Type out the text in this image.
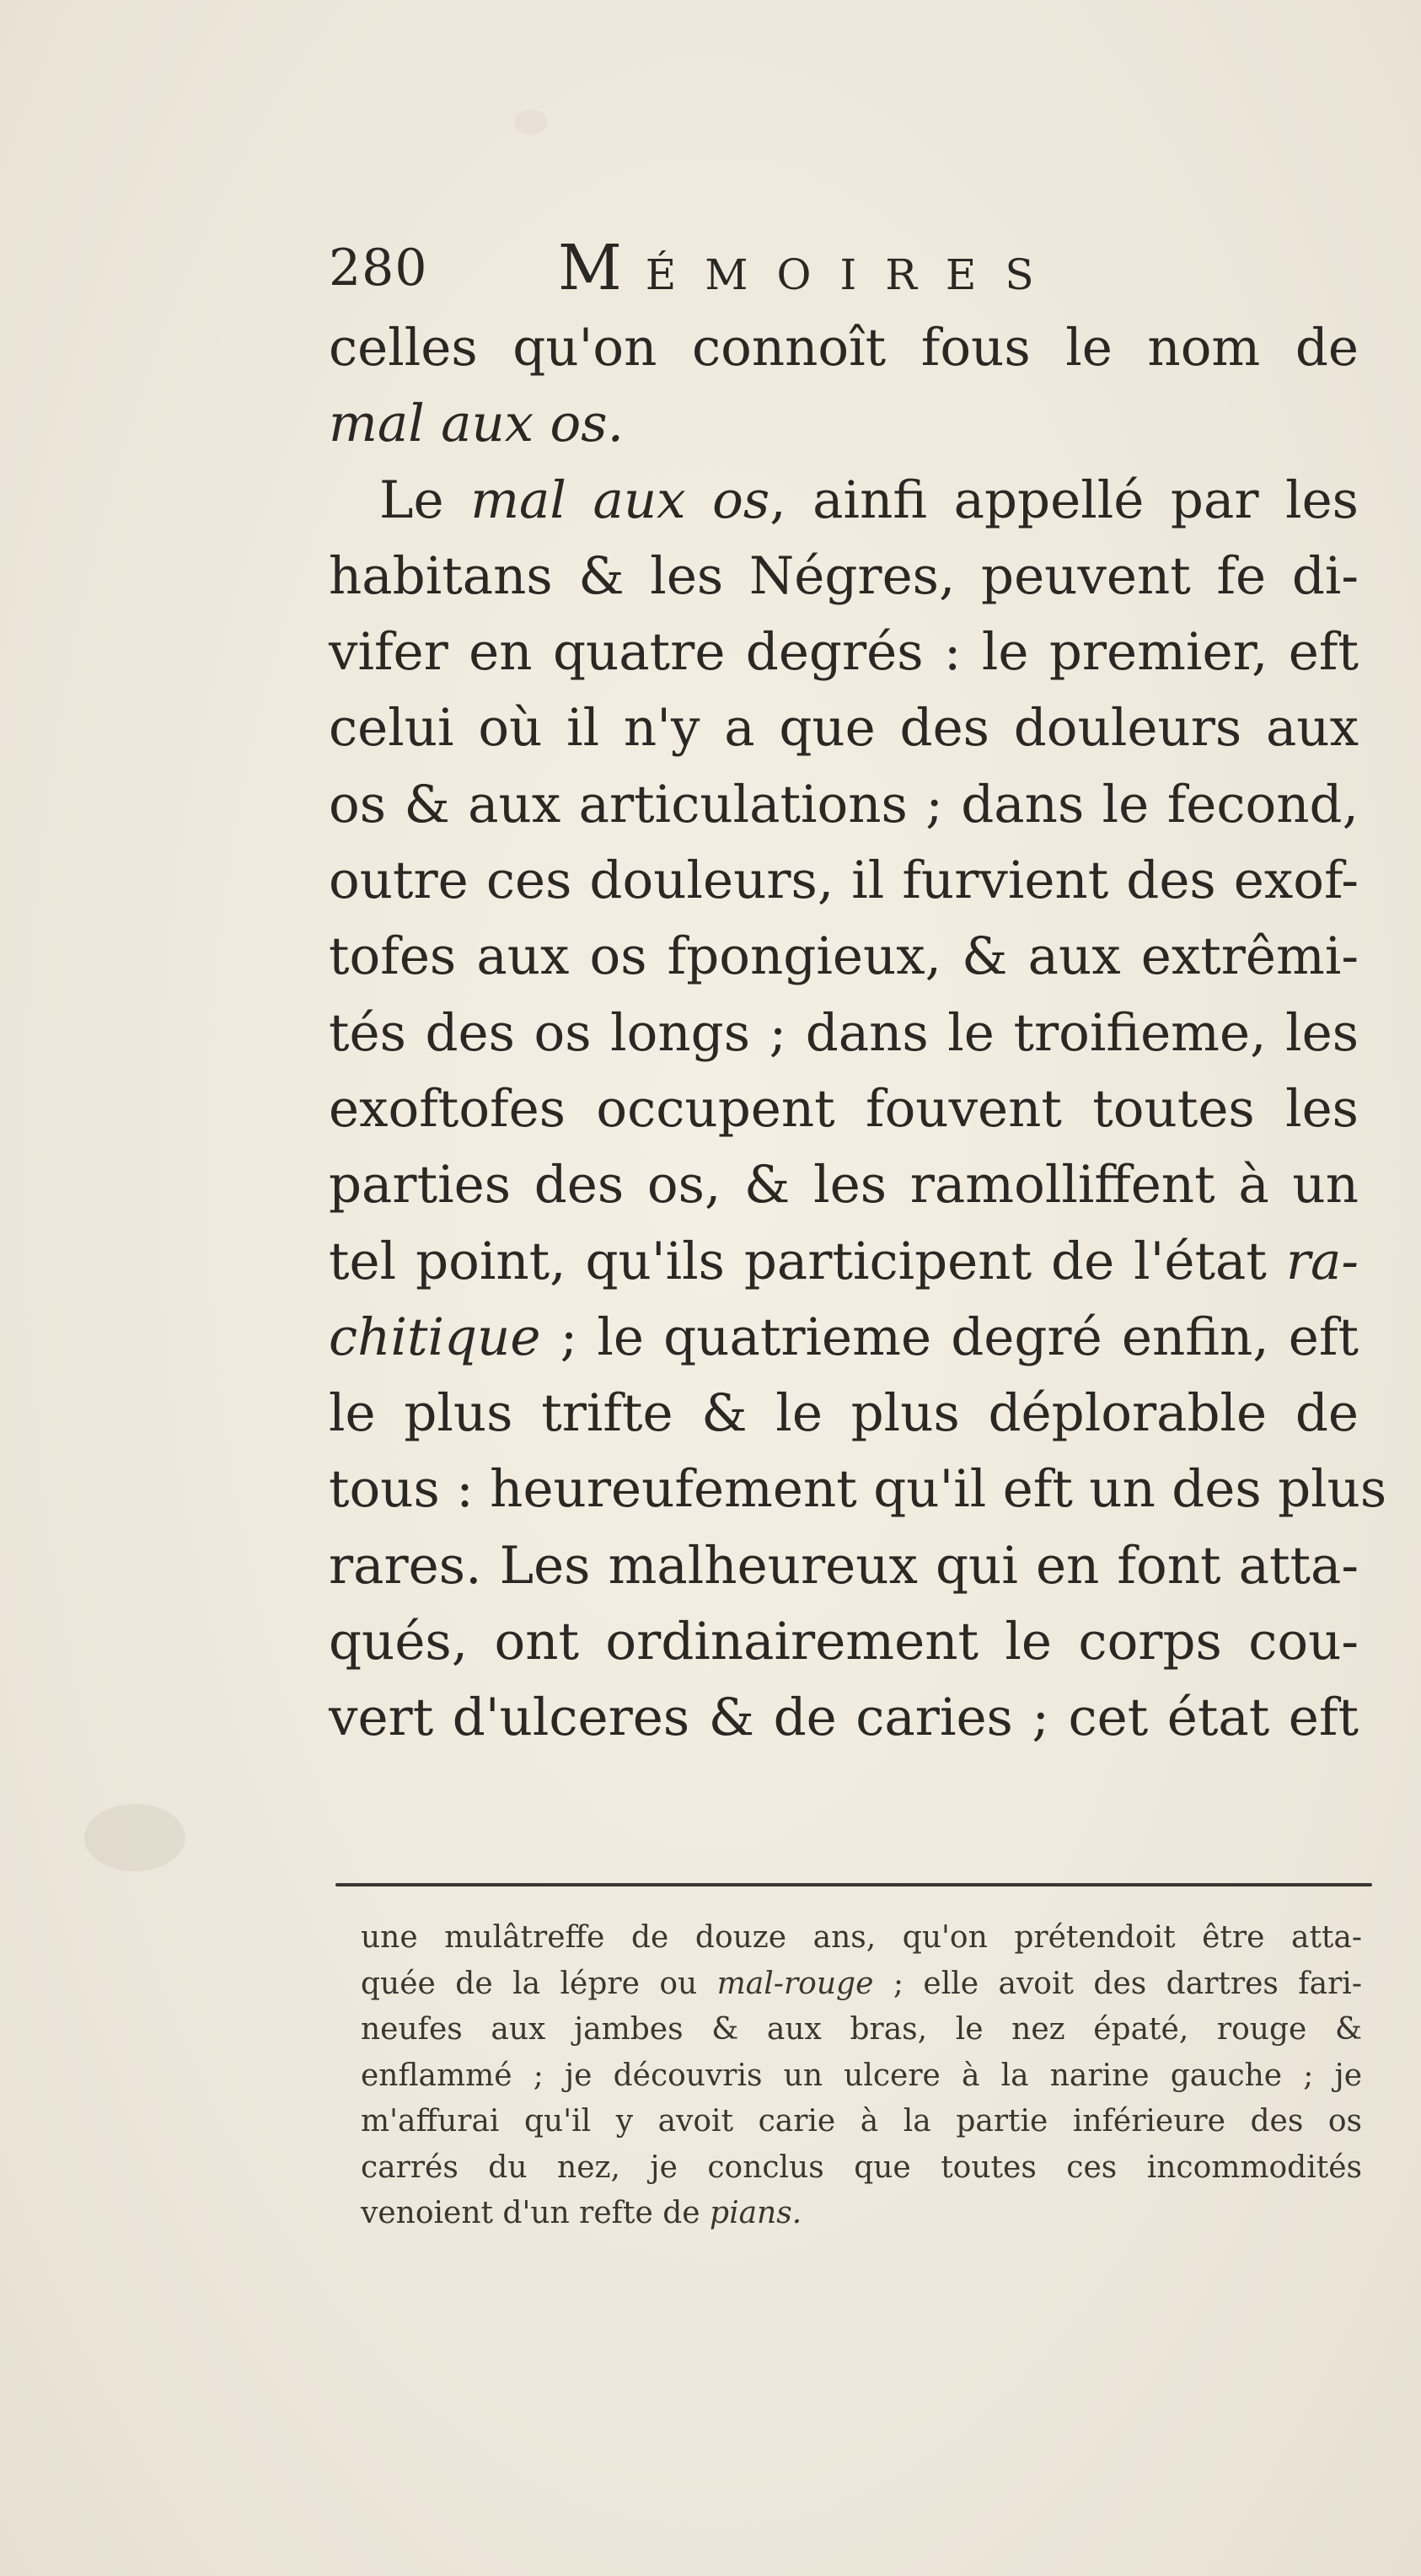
280 MÉMOIRES
celles qu'on connoît fous le nom de
mal aux os.
Le mal aux os, ainfi appellé par les
habitans & les Négres, peuvent fe di-
vifer en quatre degrés : le premier, eft
celui où il n'y a que des douleurs aux
os & aux articulations ; dans le fecond,
outre ces douleurs, il furvient des exof-
tofes aux os fpongieux, & aux extrêmi-
tés des os longs ; dans le troifieme, les
exoftofes occupent fouvent toutes les
parties des os, & les ramolliffent à un
tel point, qu'ils participent de l'état ra-
chitique ; le quatrieme degré enfin, eft
le plus trifte & le plus déplorable de
tous : heureufement qu'il eft un des plus
rares. Les malheureux qui en font atta-
qués, ont ordinairement le corps cou-
vert d'ulceres & de caries ; cet état eft
une mulâtreffe de douze ans, qu'on prétendoit être atta-
quée de la lépre ou mal-rouge ; elle avoit des dartres fari-
neufes aux jambes & aux bras, le nez épaté, rouge &
enflammé ; je découvris un ulcere à la narine gauche ; je
m'affurai qu'il y avoit carie à la partie inférieure des os
carrés du nez, je conclus que toutes ces incommodités
venoient d'un refte de pians.
